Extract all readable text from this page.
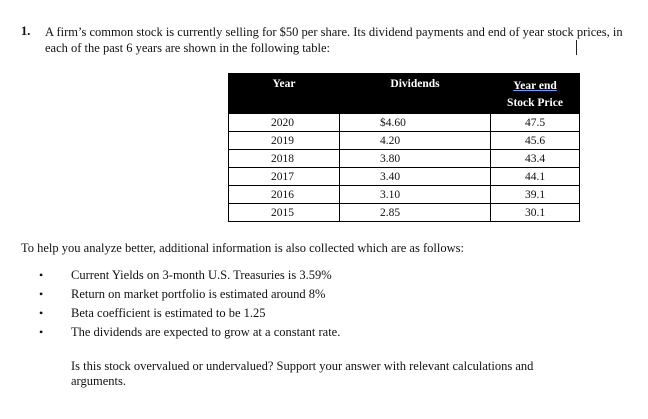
1. A firm’s common stock is currently selling for $50 per share. Its dividend payments and end of year stock prices, in each of the past 6 years are shown in the following table:
Year	Dividends	Year end
Stock Price
2020	$4.60	47.5
2019	4.20	45.6
2018	3.80	43.4
2017	3.40	44.1
2016	3.10	39.1
2015	2.85	30.1
To help you analyze better, additional information is also collected which are as follows:
• Current Yields on 3-month U.S. Treasuries is 3.59%
• Return on market portfolio is estimated around 8%
• Beta coefficient is estimated to be 1.25
• The dividends are expected to grow at a constant rate.
Is this stock overvalued or undervalued? Support your answer with relevant calculations and arguments.
